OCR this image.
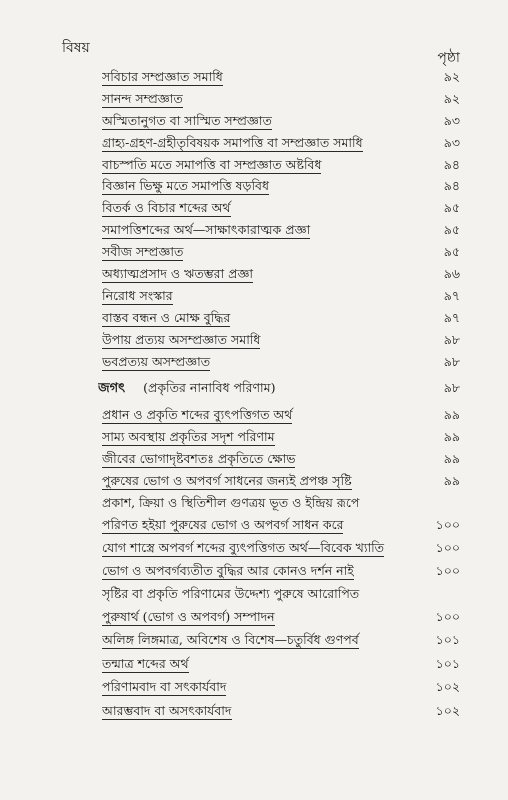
বিষয়
পৃষ্ঠা
সবিচার সম্প্রজ্ঞাত সমাধি	৯২
সানন্দ সম্প্রজ্ঞাত	৯২
অস্মিতানুগত বা সাস্মিত সম্প্রজ্ঞাত	৯৩
গ্রাহ্য-গ্রহণ-গ্রহীতৃবিষয়ক সমাপত্তি বা সম্প্রজ্ঞাত সমাধি	৯৩
বাচস্পতি মতে সমাপত্তি বা সম্প্রজ্ঞাত অষ্টবিধ	৯৪
বিজ্ঞান ভিক্ষু মতে সমাপত্তি ষড়বিধ	৯৪
বিতর্ক ও বিচার শব্দের অর্থ	৯৫
সমাপত্তিশব্দের অর্থ—সাক্ষাৎকারাত্মক প্রজ্ঞা	৯৫
সবীজ সম্প্রজ্ঞাত	৯৫
অধ্যাত্মপ্রসাদ ও ঋতম্ভরা প্রজ্ঞা	৯৬
নিরোধ সংস্কার	৯৭
বাস্তব বন্ধন ও মোক্ষ বুদ্ধির	৯৭
উপায় প্রত্যয় অসম্প্রজ্ঞাত সমাধি	৯৮
ভবপ্রত্যয় অসম্প্রজ্ঞাত	৯৮
জগৎ (প্রকৃতির নানাবিধ পরিণাম)	৯৮
প্রধান ও প্রকৃতি শব্দের ব্যুৎপত্তিগত অর্থ	৯৯
সাম্য অবস্থায় প্রকৃতির সদৃশ পরিণাম	৯৯
জীবের ভোগাদৃষ্টবশতঃ প্রকৃতিতে ক্ষোভ	৯৯
পুরুষের ভোগ ও অপবর্গ সাধনের জন্যই প্রপঞ্চ সৃষ্টি	৯৯
প্রকাশ, ক্রিয়া ও স্থিতিশীল গুণত্রয় ভূত ও ইন্দ্রিয় রূপে
পরিণত হইয়া পুরুষের ভোগ ও অপবর্গ সাধন করে	১০০
যোগ শাস্ত্রে অপবর্গ শব্দের ব্যুৎপত্তিগত অর্থ—বিবেক খ্যাতি	১০০
ভোগ ও অপবর্গব্যতীত বুদ্ধির আর কোনও দর্শন নাই	১০০
সৃষ্টির বা প্রকৃতি পরিণামের উদ্দেশ্য পুরুষে আরোপিত
পুরুষার্থ (ভোগ ও অপবর্গ) সম্পাদন	১০০
অলিঙ্গ লিঙ্গমাত্র, অবিশেষ ও বিশেষ—চতুর্বিধ গুণপর্ব	১০১
তন্মাত্র শব্দের অর্থ	১০১
পরিণামবাদ বা সৎকার্যবাদ	১০২
আরম্ভবাদ বা অসৎকার্যবাদ	১০২
